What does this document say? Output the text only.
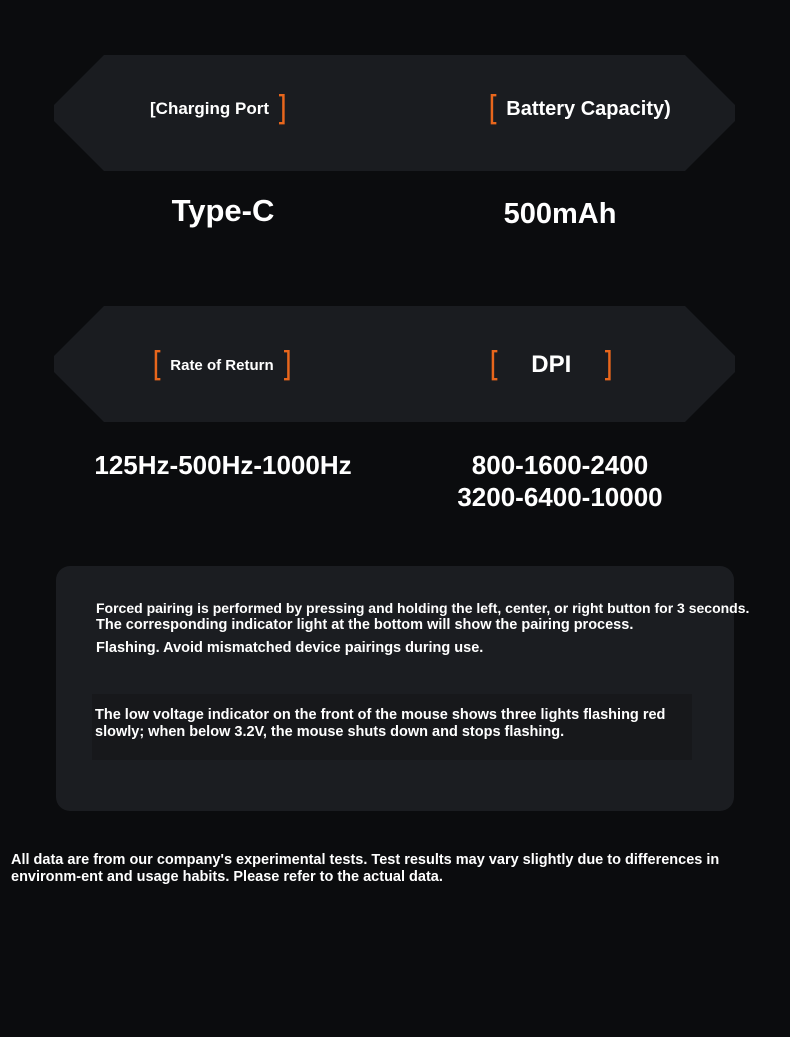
[Charging Port ]	[ Battery Capacity)
Type-C	500mAh
[ Rate of Return ]	[ DPI ]
125Hz-500Hz-1000Hz	800-1600-2400
3200-6400-10000
Forced pairing is performed by pressing and holding the left, center, or right button for 3 seconds.
The corresponding indicator light at the bottom will show the pairing process.
Flashing. Avoid mismatched device pairings during use.
The low voltage indicator on the front of the mouse shows three lights flashing red slowly; when below 3.2V, the mouse shuts down and stops flashing.
All data are from our company's experimental tests. Test results may vary slightly due to differences in environm-ent and usage habits. Please refer to the actual data.
